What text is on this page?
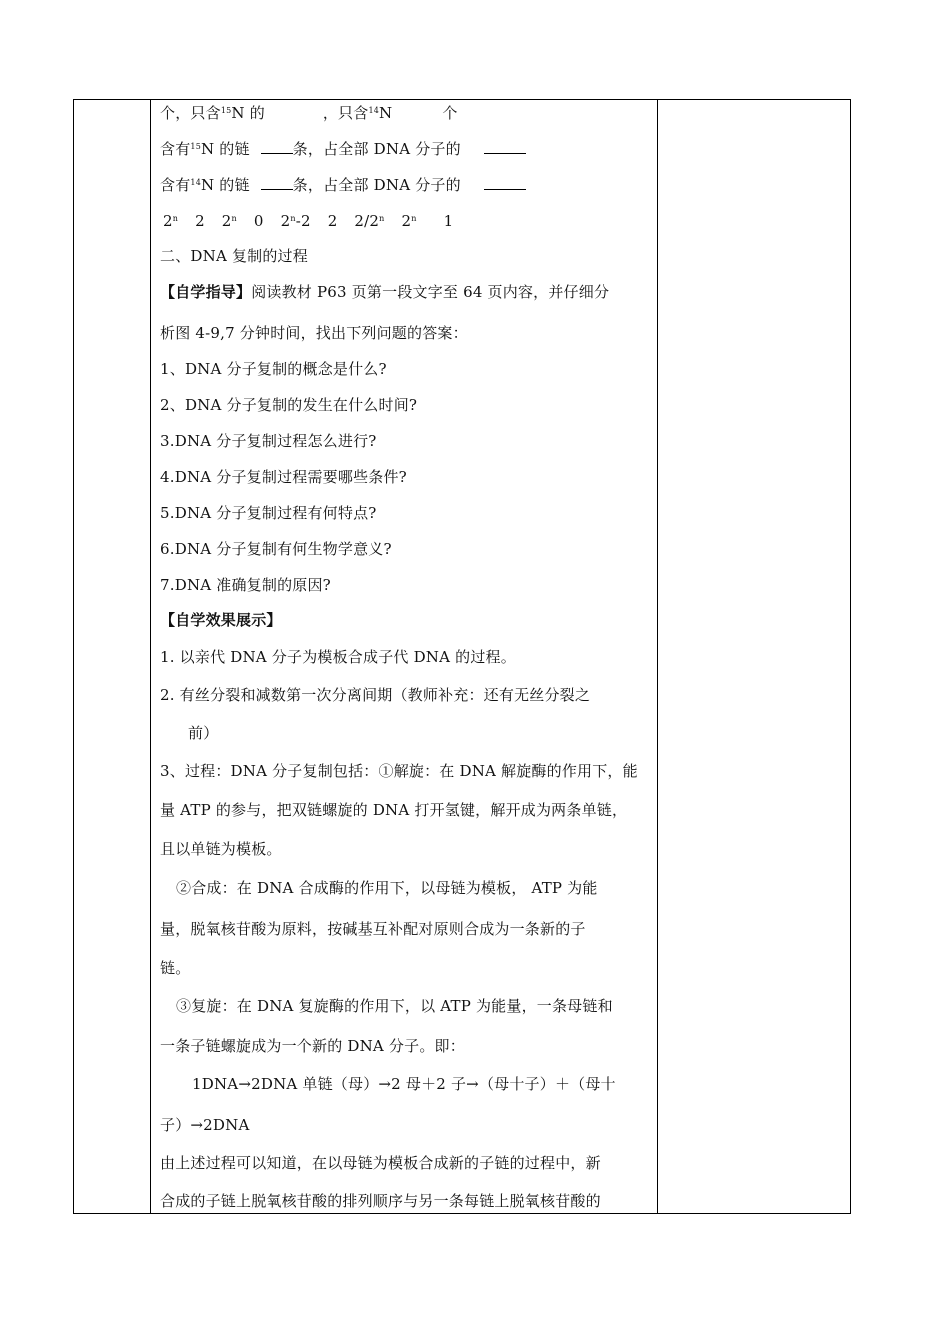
个，只含$^{15}$N 的	，只含$^{14}$N	个
含有$^{15}$N 的链	条，占全部 DNA 分子的
含有$^{14}$N 的链	条，占全部 DNA 分子的
2$^n$ 2 2$^n$ 0 2$^n$-2 2 2/2$^n$ 2$^n$ 1
二、DNA 复制的过程
【自学指导】阅读教材 P63 页第一段文字至 64 页内容，并仔细分
析图 4-9,7 分钟时间，找出下列问题的答案：
1、DNA 分子复制的概念是什么?
2、DNA 分子复制的发生在什么时间?
3.DNA 分子复制过程怎么进行?
4.DNA 分子复制过程需要哪些条件?
5.DNA 分子复制过程有何特点?
6.DNA 分子复制有何生物学意义?
7.DNA 准确复制的原因?
【自学效果展示】
1. 以亲代 DNA 分子为模板合成子代 DNA 的过程。
2. 有丝分裂和减数第一次分离间期（教师补充：还有无丝分裂之
前）
3、过程：DNA 分子复制包括：①解旋：在 DNA 解旋酶的作用下，能
量 ATP 的参与，把双链螺旋的 DNA 打开氢键，解开成为两条单链，
且以单链为模板。
②合成：在 DNA 合成酶的作用下，以母链为模板， ATP 为能
量，脱氧核苷酸为原料，按碱基互补配对原则合成为一条新的子
链。
③复旋：在 DNA 复旋酶的作用下，以 ATP 为能量，一条母链和
一条子链螺旋成为一个新的 DNA 分子。即：
1DNA→2DNA 单链（母）→2 母＋2 子→（母十子）＋（母十
子）→2DNA
由上述过程可以知道，在以母链为模板合成新的子链的过程中，新
合成的子链上脱氧核苷酸的排列顺序与另一条每链上脱氧核苷酸的
